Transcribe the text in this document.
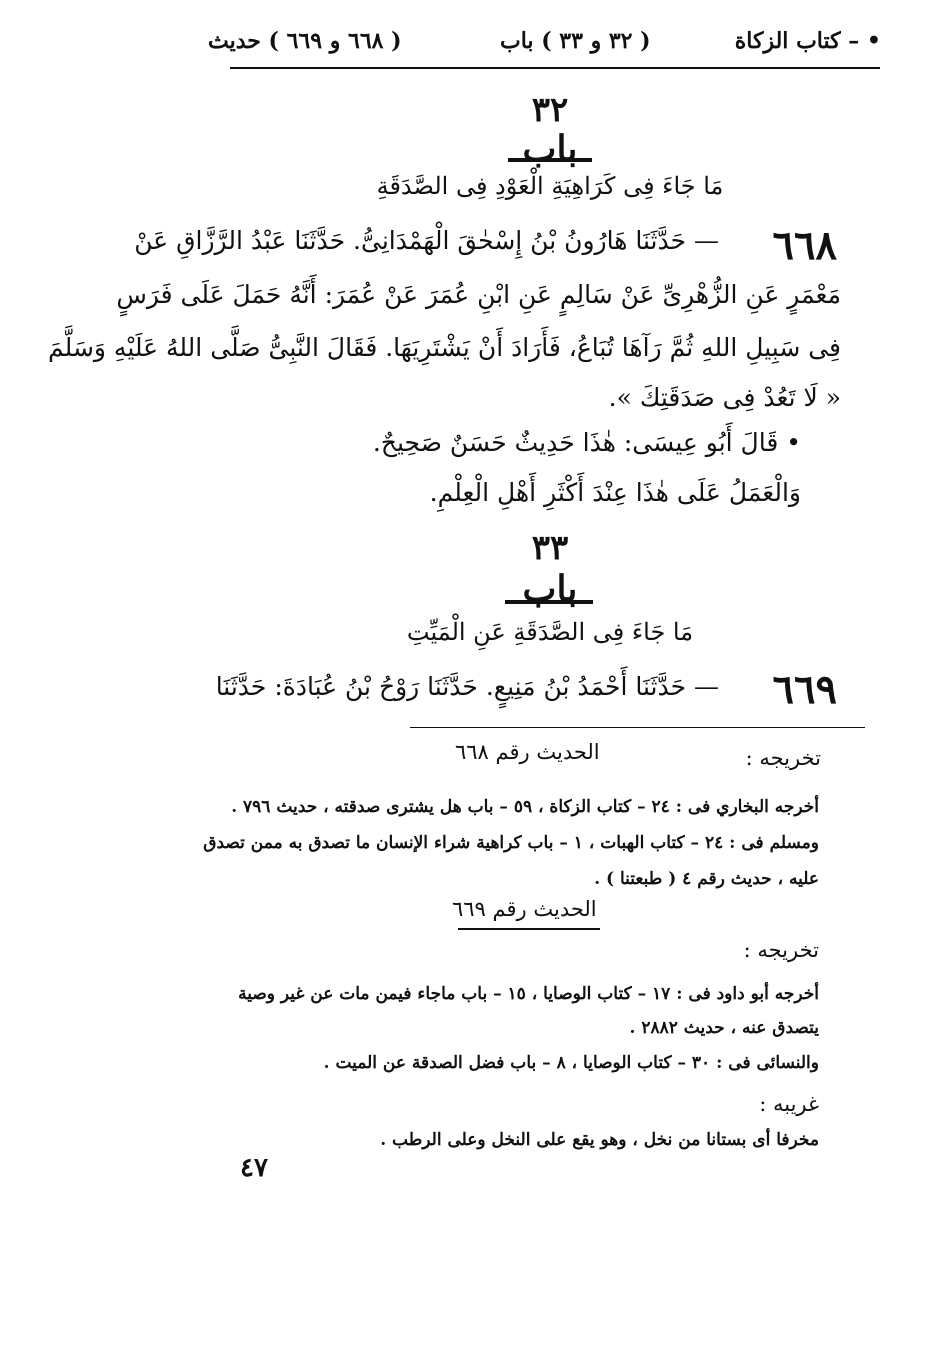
• – كتاب الزكاة
( ٣٢ و ٣٣ ) باب
( ٦٦٨ و ٦٦٩ ) حديث
٣٢
باب
مَا جَاءَ فِى كَرَاهِيَةِ الْعَوْدِ فِى الصَّدَقَةِ
٦٦٨
— حَدَّثَنَا هَارُونُ بْنُ إِسْحٰقَ الْهَمْدَانِىُّ. حَدَّثَنَا عَبْدُ الرَّزَّاقِ عَنْ
مَعْمَرٍ عَنِ الزُّهْرِىِّ عَنْ سَالِمٍ عَنِ ابْنِ عُمَرَ عَنْ عُمَرَ: أَنَّهُ حَمَلَ عَلَى فَرَسٍ
فِى سَبِيلِ اللهِ ثُمَّ رَآهَا تُبَاعُ، فَأَرَادَ أَنْ يَشْتَرِيَهَا. فَقَالَ النَّبِىُّ صَلَّى اللهُ عَلَيْهِ وَسَلَّمَ
« لَا تَعُدْ فِى صَدَقَتِكَ ».
• قَالَ أَبُو عِيسَى: هٰذَا حَدِيثٌ حَسَنٌ صَحِيحٌ.
وَالْعَمَلُ عَلَى هٰذَا عِنْدَ أَكْثَرِ أَهْلِ الْعِلْمِ.
٣٣
باب
مَا جَاءَ فِى الصَّدَقَةِ عَنِ الْمَيِّتِ
٦٦٩
— حَدَّثَنَا أَحْمَدُ بْنُ مَنِيعٍ. حَدَّثَنَا رَوْحُ بْنُ عُبَادَةَ: حَدَّثَنَا
تخريجه :
الحديث رقم ٦٦٨
أخرجه البخاري فى : ٢٤ – كتاب الزكاة ، ٥٩ – باب هل يشترى صدقته ، حديث ٧٩٦ .
ومسلم فى : ٢٤ – كتاب الهبات ، ١ – باب كراهية شراء الإنسان ما تصدق به ممن تصدق
عليه ، حديث رقم ٤ ( طبعتنا ) .
الحديث رقم ٦٦٩
تخريجه :
أخرجه أبو داود فى : ١٧ – كتاب الوصايا ، ١٥ – باب ماجاء فيمن مات عن غير وصية
يتصدق عنه ، حديث ٢٨٨٢ .
والنسائى فى : ٣٠ – كتاب الوصايا ، ٨ – باب فضل الصدقة عن الميت .
غريبه :
مخرفا أى بستانا من نخل ، وهو يقع على النخل وعلى الرطب .
٤٧
